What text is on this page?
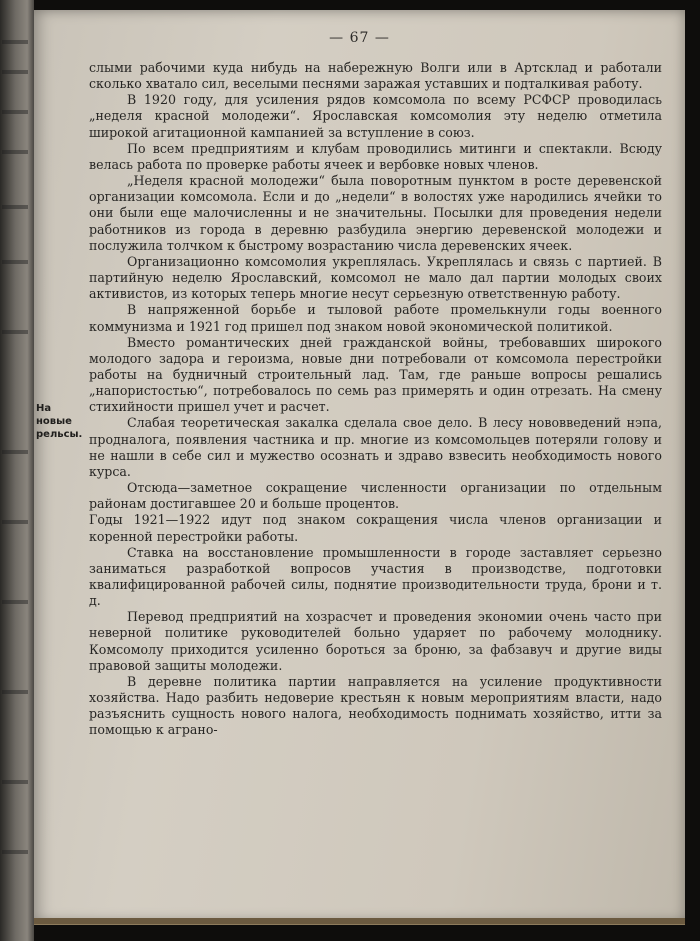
— 67 —
На новые рельсы.

слыми рабочими куда нибудь на набережную Волги или в Артсклад и работали сколько хватало сил, веселыми песнями заражая уставших и подталкивая работу.

В 1920 году, для усиления рядов комсомола по всему РСФСР проводилась „неделя красной молодежи“. Ярославская комсомолия эту неделю отметила широкой агитационной кампанией за вступление в союз.

По всем предприятиям и клубам проводились митинги и спектакли. Всюду велась работа по проверке работы ячеек и вербовке новых членов.

„Неделя красной молодежи“ была поворотным пунктом в росте деревенской организации комсомола. Если и до „недели“ в волостях уже народились ячейки то они были еще малочисленны и не значительны. Посылки для проведения недели работников из города в деревню разбудила энергию деревенской молодежи и послужила толчком к быстрому возрастанию числа деревенских ячеек.

Организационно комсомолия укреплялась. Укреплялась и связь с партией. В партийную неделю Ярославский, комсомол не мало дал партии молодых своих активистов, из которых теперь многие несут серьезную ответственную работу.

В напряженной борьбе и тыловой работе промелькнули годы военного коммунизма и 1921 год пришел под знаком новой экономической политикой.

Вместо романтических дней гражданской войны, требовавших широкого молодого задора и героизма, новые дни потребовали от комсомола перестройки работы на будничный строительный лад. Там, где раньше вопросы решались „напористостью“, потребовалось по семь раз примерять и один отрезать. На смену стихийности пришел учет и расчет.

Слабая теоретическая закалка сделала свое дело. В лесу нововведений нэпа, продналога, появления частника и пр. многие из комсомольцев потеряли голову и не нашли в себе сил и мужество осознать и здраво взвесить необходимость нового курса.

Отсюда—заметное сокращение численности организации по отдельным районам достигавшее 20 и больше процентов.

Годы 1921—1922 идут под знаком сокращения числа членов организации и коренной перестройки работы.

Ставка на восстановление промышленности в городе заставляет серьезно заниматься разработкой вопросов участия в производстве, подготовки квалифицированной рабочей силы, поднятие производительности труда, брони и т. д.

Перевод предприятий на хозрасчет и проведения экономии очень часто при неверной политике руководителей больно ударяет по рабочему молоднику. Комсомолу приходится усиленно бороться за броню, за фабзавуч и другие виды правовой защиты молодежи.

В деревне политика партии направляется на усиление продуктивности хозяйства. Надо разбить недоверие крестьян к новым мероприятиям власти, надо разъяснить сущность нового налога, необходимость поднимать хозяйство, итти за помощью к аграно-
